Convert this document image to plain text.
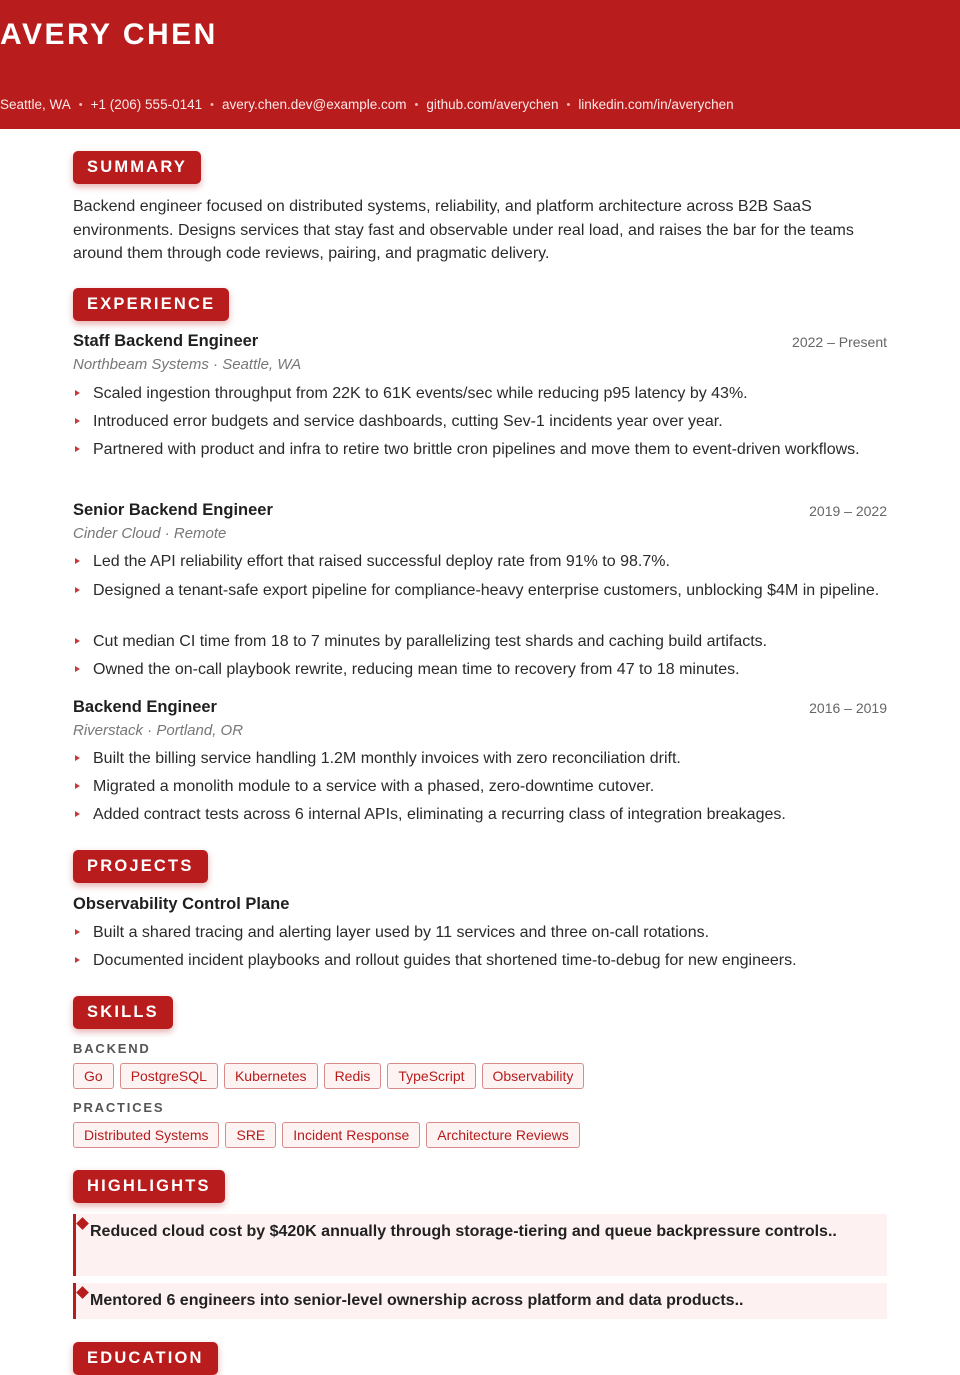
AVERY CHEN
Senior Backend Engineer
Seattle, WA • +1 (206) 555-0141 • avery.chen.dev@example.com • github.com/averychen • linkedin.com/in/averychen
SUMMARY
Backend engineer focused on distributed systems, reliability, and platform architecture across B2B SaaS environments. Designs services that stay fast and observable under real load, and raises the bar for the teams around them through code reviews, pairing, and pragmatic delivery.
EXPERIENCE
Staff Backend Engineer	2022 – Present
Northbeam Systems · Seattle, WA
Scaled ingestion throughput from 22K to 61K events/sec while reducing p95 latency by 43%.
Introduced error budgets and service dashboards, cutting Sev-1 incidents year over year.
Partnered with product and infra to retire two brittle cron pipelines and move them to event-driven workflows.
Senior Backend Engineer	2019 – 2022
Cinder Cloud · Remote
Led the API reliability effort that raised successful deploy rate from 91% to 98.7%.
Designed a tenant-safe export pipeline for compliance-heavy enterprise customers, unblocking $4M in pipeline.
Cut median CI time from 18 to 7 minutes by parallelizing test shards and caching build artifacts.
Owned the on-call playbook rewrite, reducing mean time to recovery from 47 to 18 minutes.
Backend Engineer	2016 – 2019
Riverstack · Portland, OR
Built the billing service handling 1.2M monthly invoices with zero reconciliation drift.
Migrated a monolith module to a service with a phased, zero-downtime cutover.
Added contract tests across 6 internal APIs, eliminating a recurring class of integration breakages.
PROJECTS
Observability Control Plane
Built a shared tracing and alerting layer used by 11 services and three on-call rotations.
Documented incident playbooks and rollout guides that shortened time-to-debug for new engineers.
SKILLS
BACKEND
Go	PostgreSQL	Kubernetes	Redis	TypeScript	Observability
PRACTICES
Distributed Systems	SRE	Incident Response	Architecture Reviews
HIGHLIGHTS
Reduced cloud cost by $420K annually through storage-tiering and queue backpressure controls..
Mentored 6 engineers into senior-level ownership across platform and data products..
EDUCATION
